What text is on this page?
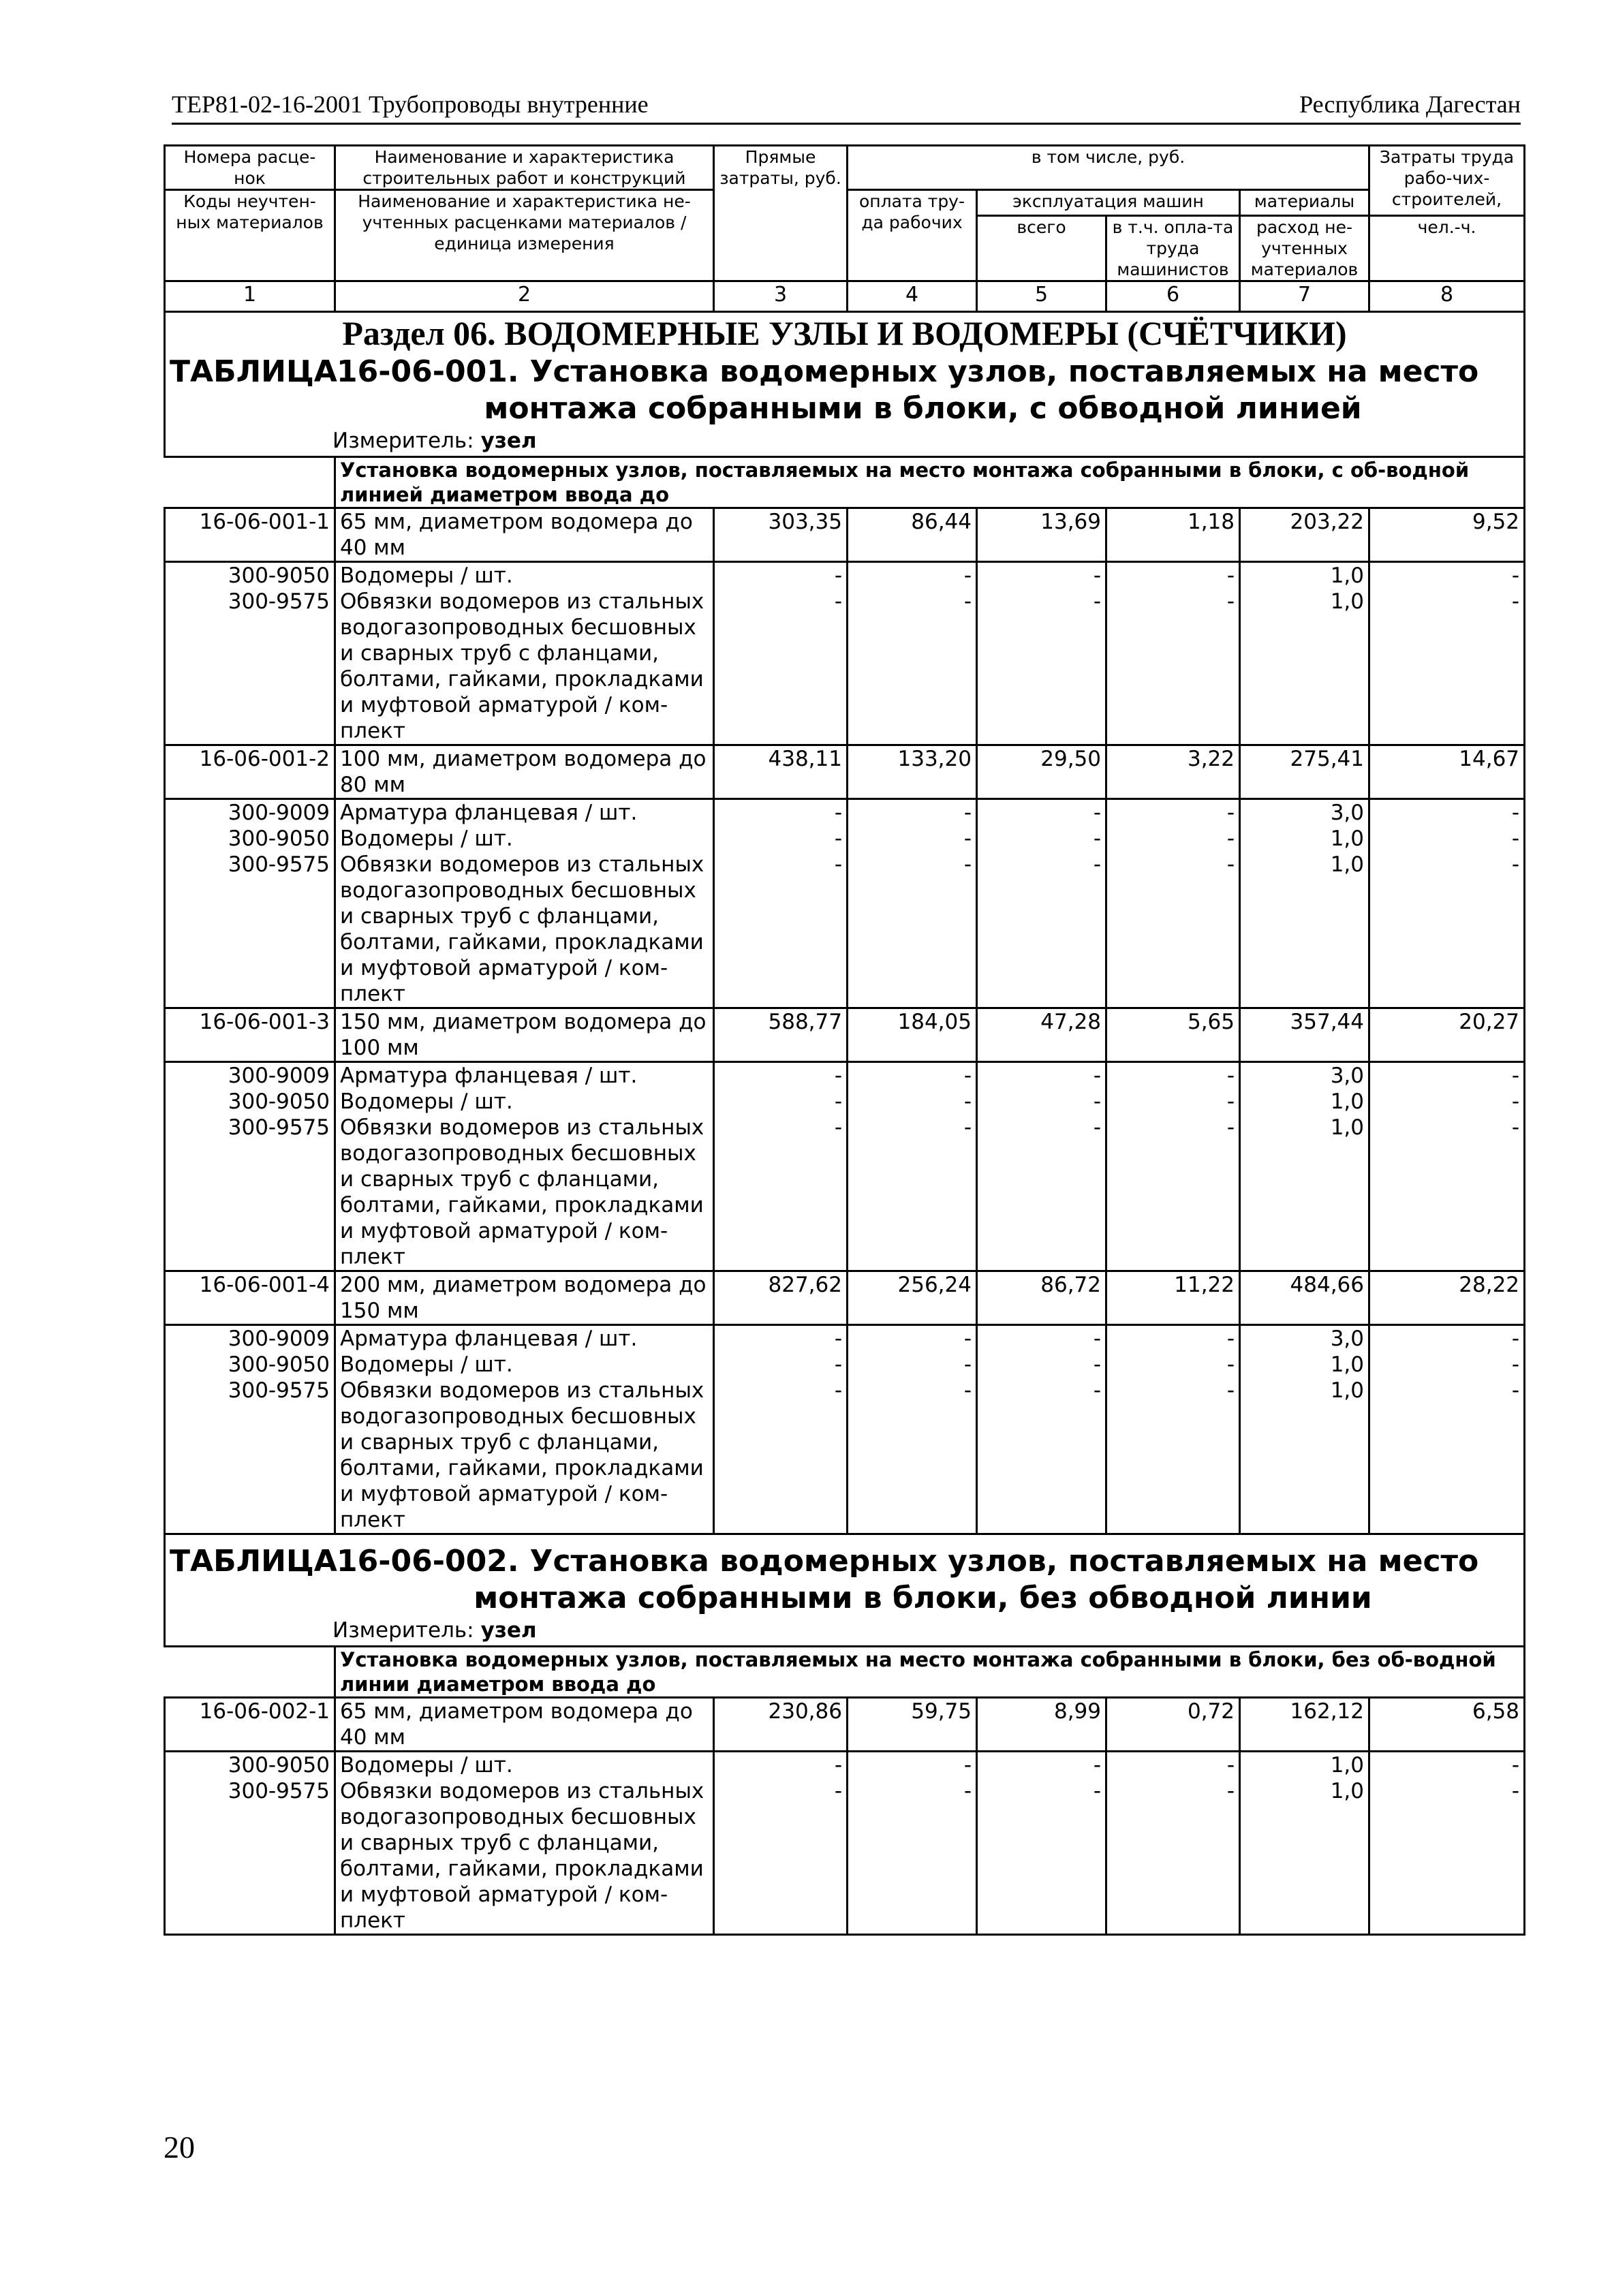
ТЕР81-02-16-2001 Трубопроводы внутренние	Республика Дагестан
Номера расце-нок	Наименование и характеристика строительных работ и конструкций	Прямые затраты, руб.	в том числе, руб.				Затраты труда рабо-чих-строителей,
Коды неучтен-ных материалов	Наименование и характеристика не-учтенных расценками материалов / единица измерения		оплата тру-да рабочих	эксплуатация машин		материалы	
				всего	в т.ч. опла-та труда машинистов	расход не-учтенных материалов	чел.-ч.
1	2	3	4	5	6	7	8
Раздел 06. ВОДОМЕРНЫЕ УЗЛЫ И ВОДОМЕРЫ (СЧЁТЧИКИ)							

ТАБЛИЦА16-06-001. Установка водомерных узлов, поставляемых на место
монтажа собранными в блоки, с обводной линией
Измеритель: узел							

	Установка водомерных узлов, поставляемых на место монтажа собранными в блоки, с об-водной линией диаметром ввода до						
16-06-001-1	65 мм, диаметром водомера до 40 мм	303,35	86,44	13,69	1,18	203,22	9,52
300-9050	Водомеры / шт.	-	-	-	-	1,0	-
300-9575	Обвязки водомеров из стальных водогазопроводных бесшовных и сварных труб с фланцами, болтами, гайками, прокладками и муфтовой арматурой / ком-плект	-	-	-	-	1,0	-
16-06-001-2	100 мм, диаметром водомера до 80 мм	438,11	133,20	29,50	3,22	275,41	14,67
300-9009	Арматура фланцевая / шт.	-	-	-	-	3,0	-
300-9050	Водомеры / шт.	-	-	-	-	1,0	-
300-9575	Обвязки водомеров из стальных водогазопроводных бесшовных и сварных труб с фланцами, болтами, гайками, прокладками и муфтовой арматурой / ком-плект	-	-	-	-	1,0	-
16-06-001-3	150 мм, диаметром водомера до 100 мм	588,77	184,05	47,28	5,65	357,44	20,27
300-9009	Арматура фланцевая / шт.	-	-	-	-	3,0	-
300-9050	Водомеры / шт.	-	-	-	-	1,0	-
300-9575	Обвязки водомеров из стальных водогазопроводных бесшовных и сварных труб с фланцами, болтами, гайками, прокладками и муфтовой арматурой / ком-плект	-	-	-	-	1,0	-
16-06-001-4	200 мм, диаметром водомера до 150 мм	827,62	256,24	86,72	11,22	484,66	28,22
300-9009	Арматура фланцевая / шт.	-	-	-	-	3,0	-
300-9050	Водомеры / шт.	-	-	-	-	1,0	-
300-9575	Обвязки водомеров из стальных водогазопроводных бесшовных и сварных труб с фланцами, болтами, гайками, прокладками и муфтовой арматурой / ком-плект	-	-	-	-	1,0	-

ТАБЛИЦА16-06-002. Установка водомерных узлов, поставляемых на место
монтажа собранными в блоки, без обводной линии
Измеритель: узел							

	Установка водомерных узлов, поставляемых на место монтажа собранными в блоки, без об-водной линии диаметром ввода до						
16-06-002-1	65 мм, диаметром водомера до 40 мм	230,86	59,75	8,99	0,72	162,12	6,58
300-9050	Водомеры / шт.	-	-	-	-	1,0	-
300-9575	Обвязки водомеров из стальных водогазопроводных бесшовных и сварных труб с фланцами, болтами, гайками, прокладками и муфтовой арматурой / ком-плект	-	-	-	-	1,0	-
20
